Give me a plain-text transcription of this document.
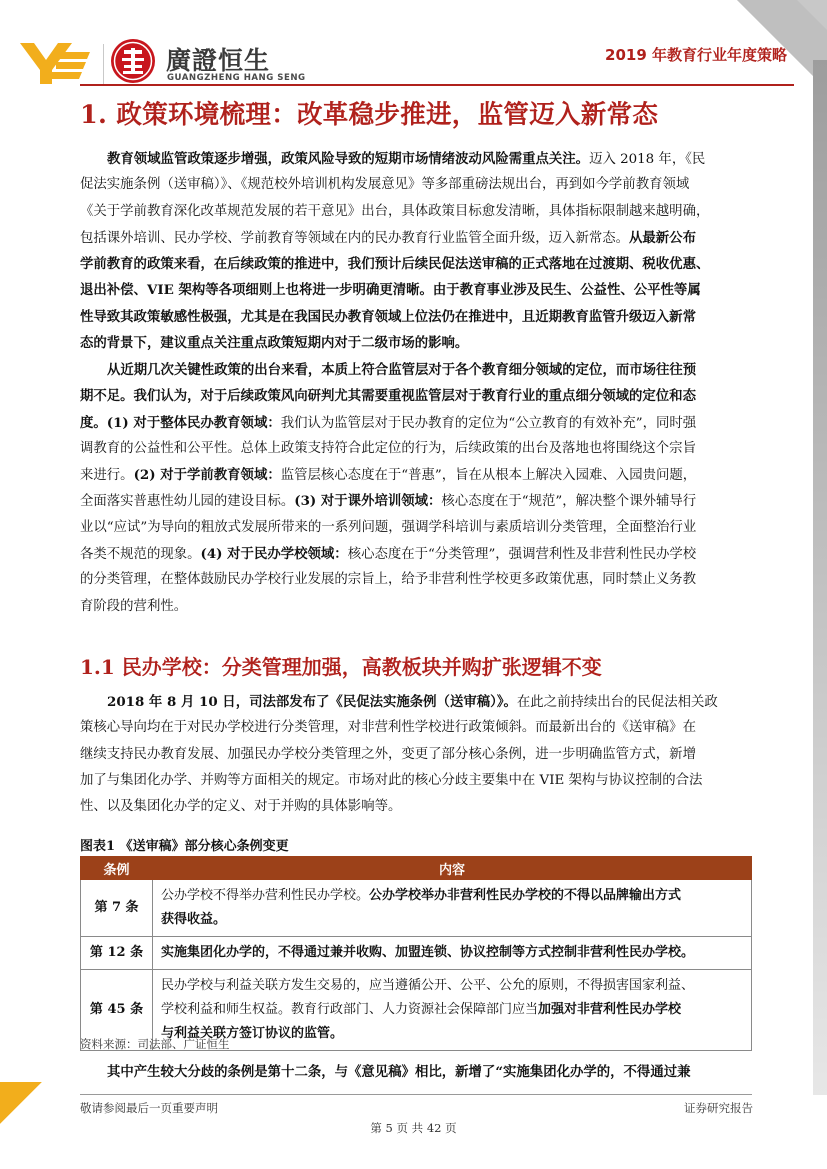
廣證恒生
GUANGZHENG HANG SENG
2019 年教育行业年度策略
1. 政策环境梳理：改革稳步推进，监管迈入新常态
教育领域监管政策逐步增强，政策风险导致的短期市场情绪波动风险需重点关注。迈入 2018 年，《民
促法实施条例（送审稿）》、《规范校外培训机构发展意见》等多部重磅法规出台，再到如今学前教育领域
《关于学前教育深化改革规范发展的若干意见》出台，具体政策目标愈发清晰，具体指标限制越来越明确，
包括课外培训、民办学校、学前教育等领域在内的民办教育行业监管全面升级，迈入新常态。从最新公布
学前教育的政策来看，在后续政策的推进中，我们预计后续民促法送审稿的正式落地在过渡期、税收优惠、
退出补偿、VIE 架构等各项细则上也将进一步明确更清晰。由于教育事业涉及民生、公益性、公平性等属
性导致其政策敏感性极强，尤其是在我国民办教育领域上位法仍在推进中，且近期教育监管升级迈入新常
态的背景下，建议重点关注重点政策短期内对于二级市场的影响。
从近期几次关键性政策的出台来看，本质上符合监管层对于各个教育细分领域的定位，而市场往往预
期不足。我们认为，对于后续政策风向研判尤其需要重视监管层对于教育行业的重点细分领域的定位和态
度。(1) 对于整体民办教育领域：我们认为监管层对于民办教育的定位为“公立教育的有效补充”，同时强
调教育的公益性和公平性。总体上政策支持符合此定位的行为，后续政策的出台及落地也将围绕这个宗旨
来进行。(2) 对于学前教育领域：监管层核心态度在于“普惠”，旨在从根本上解决入园难、入园贵问题，
全面落实普惠性幼儿园的建设目标。(3) 对于课外培训领域：核心态度在于“规范”，解决整个课外辅导行
业以“应试”为导向的粗放式发展所带来的一系列问题，强调学科培训与素质培训分类管理，全面整治行业
各类不规范的现象。(4) 对于民办学校领域：核心态度在于“分类管理”，强调营利性及非营利性民办学校
的分类管理，在整体鼓励民办学校行业发展的宗旨上，给予非营利性学校更多政策优惠，同时禁止义务教
育阶段的营利性。
1.1 民办学校：分类管理加强，高教板块并购扩张逻辑不变
2018 年 8 月 10 日，司法部发布了《民促法实施条例（送审稿）》。在此之前持续出台的民促法相关政
策核心导向均在于对民办学校进行分类管理，对非营利性学校进行政策倾斜。而最新出台的《送审稿》在
继续支持民办教育发展、加强民办学校分类管理之外，变更了部分核心条例，进一步明确监管方式，新增
加了与集团化办学、并购等方面相关的规定。市场对此的核心分歧主要集中在 VIE 架构与协议控制的合法
性、以及集团化办学的定义、对于并购的具体影响等。
图表1 《送审稿》部分核心条例变更
条例	内容
第 7 条	公办学校不得举办营利性民办学校。公办学校举办非营利性民办学校的不得以品牌输出方式
获得收益。

第 12 条	实施集团化办学的，不得通过兼并收购、加盟连锁、协议控制等方式控制非营利性民办学校。

第 45 条	民办学校与利益关联方发生交易的，应当遵循公开、公平、公允的原则，不得损害国家利益、
学校利益和师生权益。教育行政部门、人力资源社会保障部门应当加强对非营利性民办学校
与利益关联方签订协议的监管。
资料来源：司法部、广证恒生
其中产生较大分歧的条例是第十二条，与《意见稿》相比，新增了“实施集团化办学的，不得通过兼
敬请参阅最后一页重要声明	证券研究报告
第 5 页 共 42 页
